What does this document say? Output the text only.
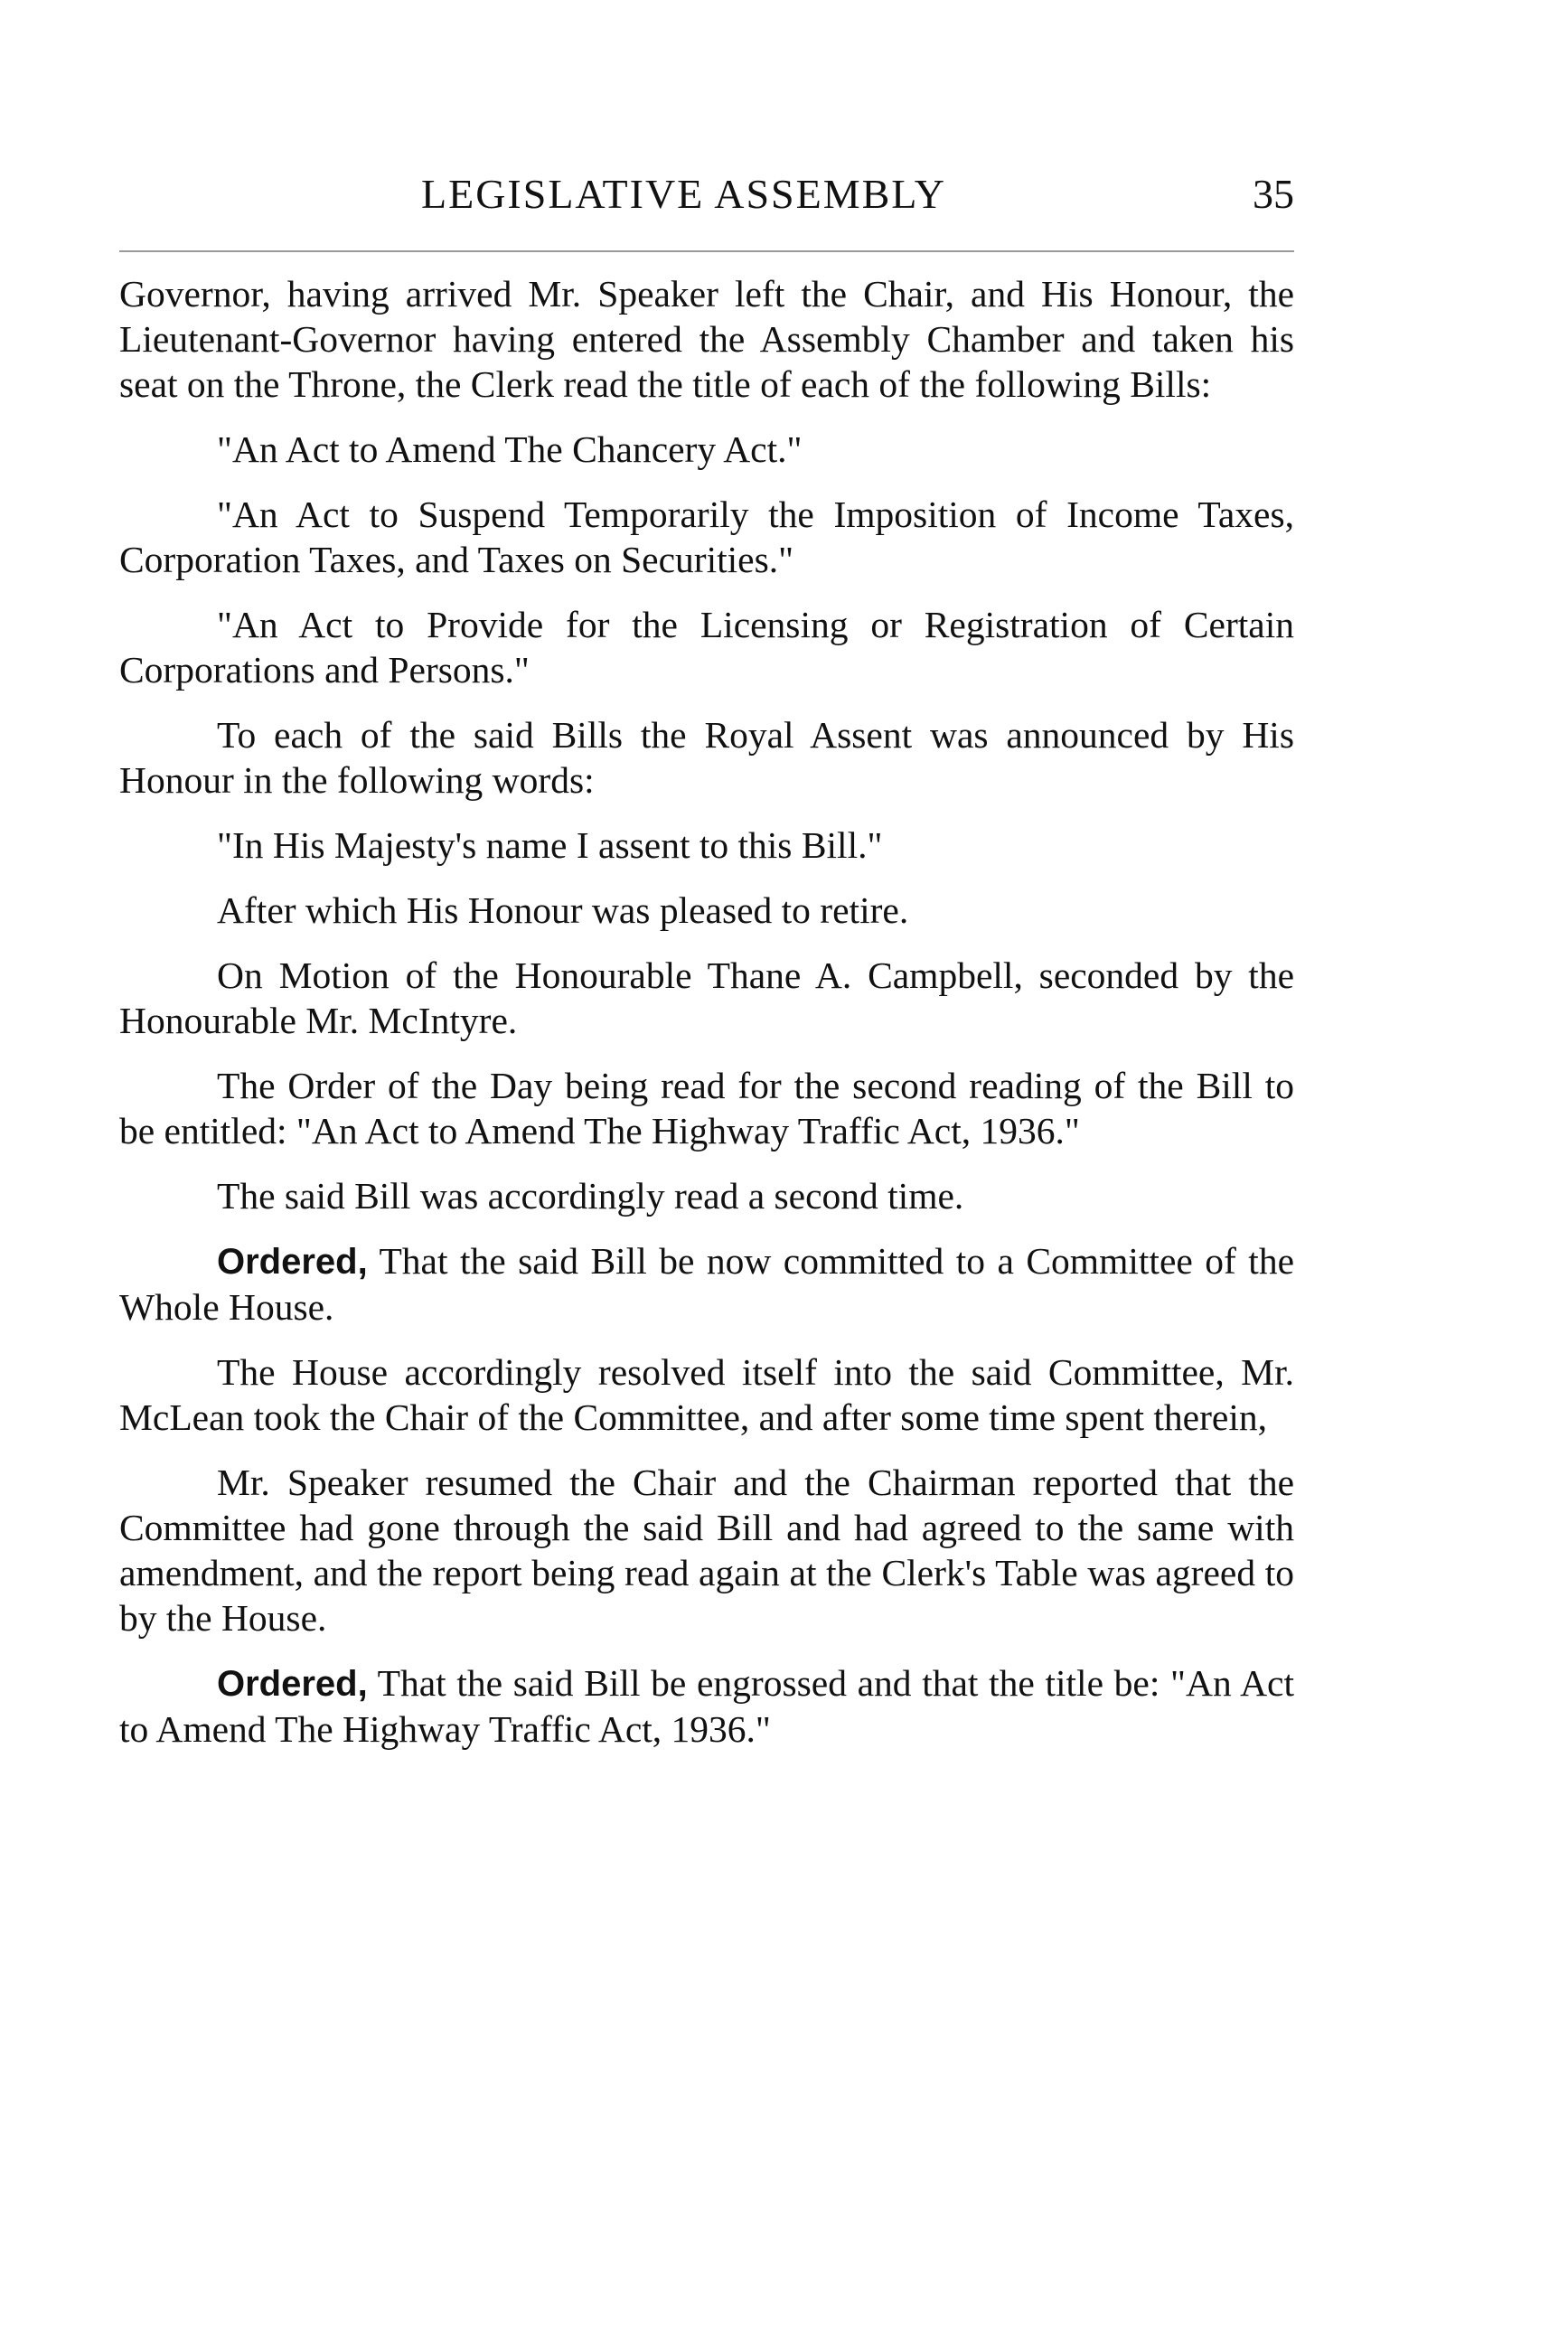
LEGISLATIVE ASSEMBLY	35

Governor, having arrived Mr. Speaker left the Chair, and His Honour, the Lieutenant-Governor having entered the Assembly Chamber and taken his seat on the Throne, the Clerk read the title of each of the following Bills:

"An Act to Amend The Chancery Act."

"An Act to Suspend Temporarily the Imposition of Income Taxes, Corporation Taxes, and Taxes on Securities."

"An Act to Provide for the Licensing or Registration of Certain Corporations and Persons."

To each of the said Bills the Royal Assent was announced by His Honour in the following words:

"In His Majesty's name I assent to this Bill."

After which His Honour was pleased to retire.

On Motion of the Honourable Thane A. Campbell, seconded by the Honourable Mr. McIntyre.

The Order of the Day being read for the second reading of the Bill to be entitled: "An Act to Amend The Highway Traffic Act, 1936."

The said Bill was accordingly read a second time.

Ordered, That the said Bill be now committed to a Committee of the Whole House.

The House accordingly resolved itself into the said Committee, Mr. McLean took the Chair of the Committee, and after some time spent therein,

Mr. Speaker resumed the Chair and the Chairman reported that the Committee had gone through the said Bill and had agreed to the same with amendment, and the report being read again at the Clerk's Table was agreed to by the House.

Ordered, That the said Bill be engrossed and that the title be: "An Act to Amend The Highway Traffic Act, 1936."
